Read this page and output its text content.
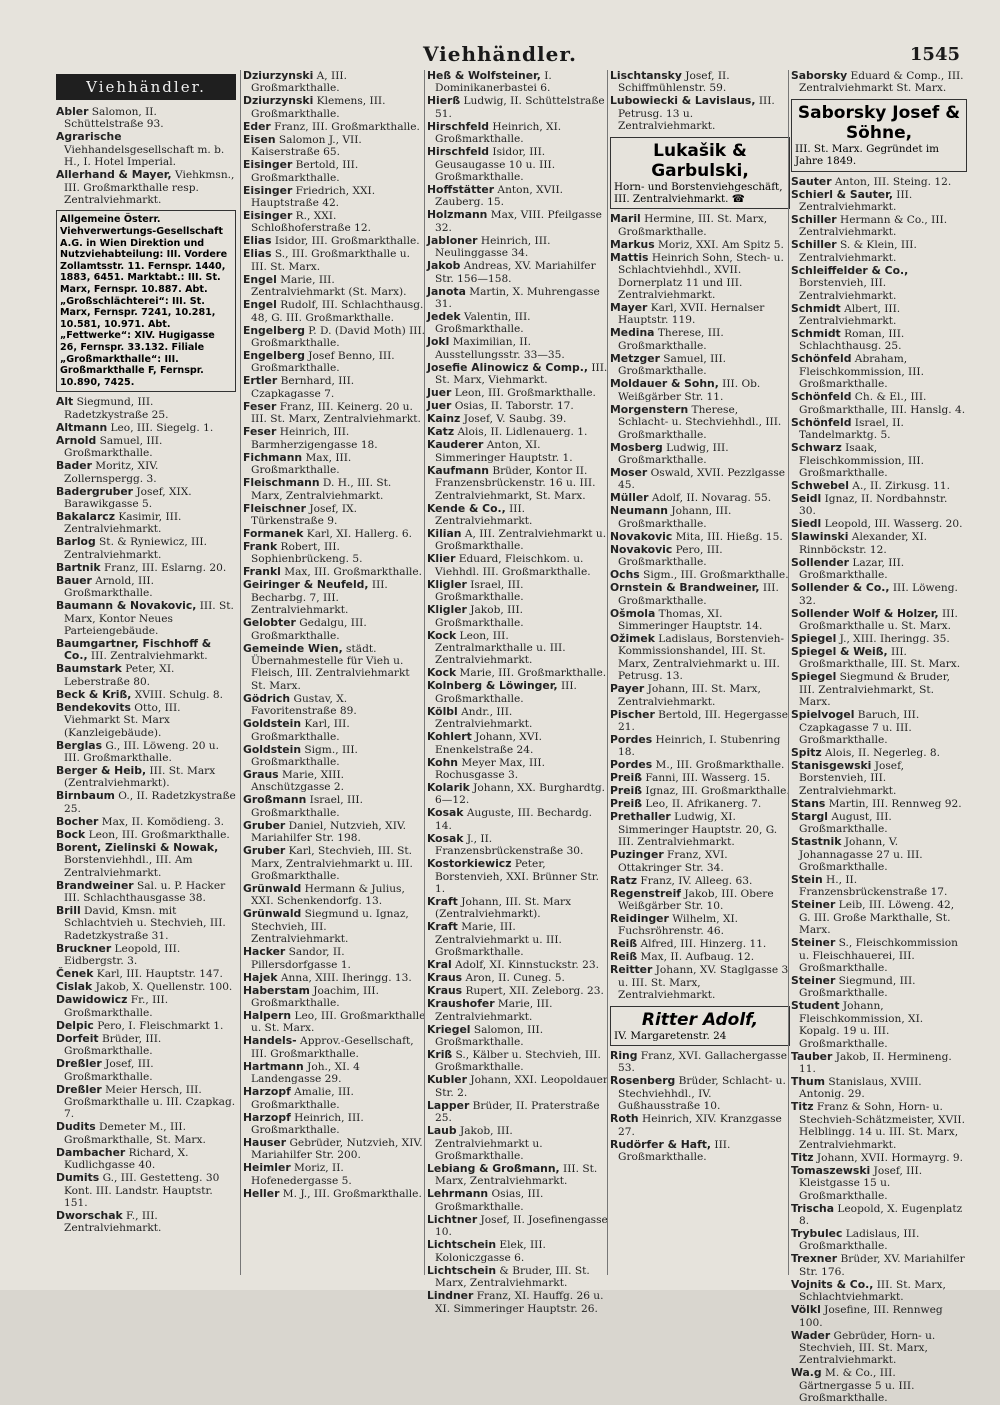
Viehhändler.	1545
Viehhändler.
Abler Salomon, II. Schüttelstraße 93.
Agrarische Viehhandelsgesellschaft m. b. H., I. Hotel Imperial.
Allerhand & Mayer, Viehkmsn., III. Großmarkthalle resp. Zentralviehmarkt.
Allgemeine Österr. Viehverwertungs-Gesellschaft A.G. in Wien Direktion und Nutzviehabteilung: III. Vordere Zollamtsstr. 11. Fernspr. 1440, 1883, 6451. Marktabt.: III. St. Marx, Fernspr. 10.887. Abt. „Großschlächterei“: III. St. Marx, Fernspr. 7241, 10.281, 10.581, 10.971. Abt. „Fettwerke“: XIV. Hugigasse 26, Fernspr. 33.132. Filiale „Großmarkthalle“: III. Großmarkthalle F, Fernspr. 10.890, 7425.
Alt Siegmund, III. Radetzkystraße 25.
Altmann Leo, III. Siegelg. 1.
Arnold Samuel, III. Großmarkthalle.
Bader Moritz, XIV. Zollernspergg. 3.
Badergruber Josef, XIX. Barawikgasse 5.
Bakalarcz Kasimir, III. Zentralviehmarkt.
Barlog St. & Ryniewicz, III. Zentralviehmarkt.
Bartnik Franz, III. Eslarng. 20.
Bauer Arnold, III. Großmarkthalle.
Baumann & Novakovic, III. St. Marx, Kontor Neues Parteiengebäude.
Baumgartner, Fischhoff & Co., III. Zentralviehmarkt.
Baumstark Peter, XI. Leberstraße 80.
Beck & Kriß, XVIII. Schulg. 8.
Bendekovits Otto, III. Viehmarkt St. Marx (Kanzleigebäude).
Berglas G., III. Löweng. 20 u. III. Großmarkthalle.
Berger & Heib, III. St. Marx (Zentralviehmarkt).
Birnbaum O., II. Radetzkystraße 25.
Bocher Max, II. Komödieng. 3.
Bock Leon, III. Großmarkthalle.
Borent, Zielinski & Nowak, Borstenviehhdl., III. Am Zentralviehmarkt.
Brandweiner Sal. u. P. Hacker III. Schlachthausgasse 38.
Brill David, Kmsn. mit Schlachtvieh u. Stechvieh, III. Radetzkystraße 31.
Bruckner Leopold, III. Eidbergstr. 3.
Čenek Karl, III. Hauptstr. 147.
Cislak Jakob, X. Quellenstr. 100.
Dawidowicz Fr., III. Großmarkthalle.
Delpic Pero, I. Fleischmarkt 1.
Dorfeit Brüder, III. Großmarkthalle.
Dreßler Josef, III. Großmarkthalle.
Dreßler Meier Hersch, III. Großmarkthalle u. III. Czapkag. 7.
Dudits Demeter M., III. Großmarkthalle, St. Marx.
Dambacher Richard, X. Kudlichgasse 40.
Dumits G., III. Gestetteng. 30 Kont. III. Landstr. Hauptstr. 151.
Dworschak F., III. Zentralviehmarkt.
Dziurzynski A, III. Großmarkthalle.
Dziurzynski Klemens, III. Großmarkthalle.
Eder Franz, III. Großmarkthalle.
Eisen Salomon J., VII. Kaiserstraße 65.
Eisinger Bertold, III. Großmarkthalle.
Eisinger Friedrich, XXI. Hauptstraße 42.
Eisinger R., XXI. Schloßhoferstraße 12.
Elias Isidor, III. Großmarkthalle.
Elias S., III. Großmarkthalle u. III. St. Marx.
Engel Marie, III. Zentralviehmarkt (St. Marx).
Engel Rudolf, III. Schlachthausg. 48, G. III. Großmarkthalle.
Engelberg P. D. (David Moth) III. Großmarkthalle.
Engelberg Josef Benno, III. Großmarkthalle.
Ertler Bernhard, III. Czapkagasse 7.
Feser Franz, III. Keinerg. 20 u. III. St. Marx, Zentralviehmarkt.
Feser Heinrich, III. Barmherzigengasse 18.
Fichmann Max, III. Großmarkthalle.
Fleischmann D. H., III. St. Marx, Zentralviehmarkt.
Fleischner Josef, IX. Türkenstraße 9.
Formanek Karl, XI. Hallerg. 6.
Frank Robert, III. Sophienbrückeng. 5.
Frankl Max, III. Großmarkthalle.
Geiringer & Neufeld, III. Becharbg. 7, III. Zentralviehmarkt.
Gelobter Gedalgu, III. Großmarkthalle.
Gemeinde Wien, städt. Übernahmestelle für Vieh u. Fleisch, III. Zentralviehmarkt St. Marx.
Gödrich Gustav, X. Favoritenstraße 89.
Goldstein Karl, III. Großmarkthalle.
Goldstein Sigm., III. Großmarkthalle.
Graus Marie, XIII. Anschützgasse 2.
Großmann Israel, III. Großmarkthalle.
Gruber Daniel, Nutzvieh, XIV. Mariahilfer Str. 198.
Gruber Karl, Stechvieh, III. St. Marx, Zentralviehmarkt u. III. Großmarkthalle.
Grünwald Hermann & Julius, XXI. Schenkendorfg. 13.
Grünwald Siegmund u. Ignaz, Stechvieh, III. Zentralviehmarkt.
Hacker Sandor, II. Pillersdorfgasse 1.
Hajek Anna, XIII. Iheringg. 13.
Haberstam Joachim, III. Großmarkthalle.
Halpern Leo, III. Großmarkthalle u. St. Marx.
Handels- Approv.-Gesellschaft, III. Großmarkthalle.
Hartmann Joh., XI. 4 Landengasse 29.
Harzopf Amalie, III. Großmarkthalle.
Harzopf Heinrich, III. Großmarkthalle.
Hauser Gebrüder, Nutzvieh, XIV. Mariahilfer Str. 200.
Heimler Moriz, II. Hofenedergasse 5.
Heller M. J., III. Großmarkthalle.
Heß & Wolfsteiner, I. Dominikanerbastei 6.
Hierß Ludwig, II. Schüttelstraße 51.
Hirschfeld Heinrich, XI. Großmarkthalle.
Hirschfeld Isidor, III. Geusaugasse 10 u. III. Großmarkthalle.
Hoffstätter Anton, XVII. Zauberg. 15.
Holzmann Max, VIII. Pfeilgasse 32.
Jabloner Heinrich, III. Neulinggasse 34.
Jakob Andreas, XV. Mariahilfer Str. 156—158.
Janota Martin, X. Muhrengasse 31.
Jedek Valentin, III. Großmarkthalle.
Jokl Maximilian, II. Ausstellungsstr. 33—35.
Josefie Alinowicz & Comp., III. St. Marx, Viehmarkt.
Juer Leon, III. Großmarkthalle.
Juer Osias, II. Taborstr. 17.
Kainz Josef, V. Saubg. 39.
Katz Alois, II. Lidlenauerg. 1.
Kauderer Anton, XI. Simmeringer Hauptstr. 1.
Kaufmann Brüder, Kontor II. Franzensbrückenstr. 16 u. III. Zentralviehmarkt, St. Marx.
Kende & Co., III. Zentralviehmarkt.
Kilian A, III. Zentralviehmarkt u. Großmarkthalle.
Klier Eduard, Fleischkom. u. Viehhdl. III. Großmarkthalle.
Kligler Israel, III. Großmarkthalle.
Kligler Jakob, III. Großmarkthalle.
Kock Leon, III. Zentralmarkthalle u. III. Zentralviehmarkt.
Kock Marie, III. Großmarkthalle.
Kolnberg & Löwinger, III. Großmarkthalle.
Kölbl Andr., III. Zentralviehmarkt.
Kohlert Johann, XVI. Enenkelstraße 24.
Kohn Meyer Max, III. Rochusgasse 3.
Kolarik Johann, XX. Burghardtg. 6—12.
Kosak Auguste, III. Bechardg. 14.
Kosak J., II. Franzensbrückenstraße 30.
Kostorkiewicz Peter, Borstenvieh, XXI. Brünner Str. 1.
Kraft Johann, III. St. Marx (Zentralviehmarkt).
Kraft Marie, III. Zentralviehmarkt u. III. Großmarkthalle.
Kral Adolf, XI. Kinnstuckstr. 23.
Kraus Aron, II. Cuneg. 5.
Kraus Rupert, XII. Zeleborg. 23.
Kraushofer Marie, III. Zentralviehmarkt.
Kriegel Salomon, III. Großmarkthalle.
Kriß S., Kälber u. Stechvieh, III. Großmarkthalle.
Kubler Johann, XXI. Leopoldauer Str. 2.
Lapper Brüder, II. Praterstraße 25.
Laub Jakob, III. Zentralviehmarkt u. Großmarkthalle.
Lebiang & Großmann, III. St. Marx, Zentralviehmarkt.
Lehrmann Osias, III. Großmarkthalle.
Lichtner Josef, II. Josefinengasse 10.
Lichtschein Elek, III. Koloniczgasse 6.
Lichtschein & Bruder, III. St. Marx, Zentralviehmarkt.
Lindner Franz, XI. Hauffg. 26 u. XI. Simmeringer Hauptstr. 26.
Lischtansky Josef, II. Schiffmühlenstr. 59.
Lubowiecki & Lavislaus, III. Petrusg. 13 u. Zentralviehmarkt.
Lukašik & Garbulski,
Horn- und Borstenviehgeschäft, III. Zentralviehmarkt. ☎
Maril Hermine, III. St. Marx, Großmarkthalle.
Markus Moriz, XXI. Am Spitz 5.
Mattis Heinrich Sohn, Stech- u. Schlachtviehhdl., XVII. Dornerplatz 11 und III. Zentralviehmarkt.
Mayer Karl, XVII. Hernalser Hauptstr. 119.
Medina Therese, III. Großmarkthalle.
Metzger Samuel, III. Großmarkthalle.
Moldauer & Sohn, III. Ob. Weißgärber Str. 11.
Morgenstern Therese, Schlacht- u. Stechviehhdl., III. Großmarkthalle.
Mosberg Ludwig, III. Großmarkthalle.
Moser Oswald, XVII. Pezzlgasse 45.
Müller Adolf, II. Novarag. 55.
Neumann Johann, III. Großmarkthalle.
Novakovic Mita, III. Hießg. 15.
Novakovic Pero, III. Großmarkthalle.
Ochs Sigm., III. Großmarkthalle.
Ornstein & Brandweiner, III. Großmarkthalle.
Ošmola Thomas, XI. Simmeringer Hauptstr. 14.
Ožimek Ladislaus, Borstenvieh-Kommissionshandel, III. St. Marx, Zentralviehmarkt u. III. Petrusg. 13.
Payer Johann, III. St. Marx, Zentralviehmarkt.
Pischer Bertold, III. Hegergasse 21.
Pordes Heinrich, I. Stubenring 18.
Pordes M., III. Großmarkthalle.
Preiß Fanni, III. Wasserg. 15.
Preiß Ignaz, III. Großmarkthalle.
Preiß Leo, II. Afrikanerg. 7.
Prethaller Ludwig, XI. Simmeringer Hauptstr. 20, G. III. Zentralviehmarkt.
Puzinger Franz, XVI. Ottakringer Str. 34.
Ratz Franz, IV. Alleeg. 63.
Regenstreif Jakob, III. Obere Weißgärber Str. 10.
Reidinger Wilhelm, XI. Fuchsröhrenstr. 46.
Reiß Alfred, III. Hinzerg. 11.
Reiß Max, II. Aufbaug. 12.
Reitter Johann, XV. Staglgasse 3 u. III. St. Marx, Zentralviehmarkt.
Ritter Adolf,
IV. Margaretenstr. 24
Ring Franz, XVI. Gallachergasse 53.
Rosenberg Brüder, Schlacht- u. Stechviehhdl., IV. Gußhausstraße 10.
Roth Heinrich, XIV. Kranzgasse 27.
Rudörfer & Haft, III. Großmarkthalle.
Saborsky Eduard & Comp., III. Zentralviehmarkt St. Marx.
Saborsky Josef & Söhne,
III. St. Marx. Gegründet im Jahre 1849.
Sauter Anton, III. Steing. 12.
Schierl & Sauter, III. Zentralviehmarkt.
Schiller Hermann & Co., III. Zentralviehmarkt.
Schiller S. & Klein, III. Zentralviehmarkt.
Schleiffelder & Co., Borstenvieh, III. Zentralviehmarkt.
Schmidt Albert, III. Zentralviehmarkt.
Schmidt Roman, III. Schlachthausg. 25.
Schönfeld Abraham, Fleischkommission, III. Großmarkthalle.
Schönfeld Ch. & El., III. Großmarkthalle, III. Hanslg. 4.
Schönfeld Israel, II. Tandelmarktg. 5.
Schwarz Isaak, Fleischkommission, III. Großmarkthalle.
Schwebel A., II. Zirkusg. 11.
Seidl Ignaz, II. Nordbahnstr. 30.
Siedl Leopold, III. Wasserg. 20.
Slawinski Alexander, XI. Rinnböckstr. 12.
Sollender Lazar, III. Großmarkthalle.
Sollender & Co., III. Löweng. 32.
Sollender Wolf & Holzer, III. Großmarkthalle u. St. Marx.
Spiegel J., XIII. Iheringg. 35.
Spiegel & Weiß, III. Großmarkthalle, III. St. Marx.
Spiegel Siegmund & Bruder, III. Zentralviehmarkt, St. Marx.
Spielvogel Baruch, III. Czapkagasse 7 u. III. Großmarkthalle.
Spitz Alois, II. Negerleg. 8.
Stanisgewski Josef, Borstenvieh, III. Zentralviehmarkt.
Stans Martin, III. Rennweg 92.
Stargl August, III. Großmarkthalle.
Stastnik Johann, V. Johannagasse 27 u. III. Großmarkthalle.
Stein H., II. Franzensbrückenstraße 17.
Steiner Leib, III. Löweng. 42, G. III. Große Markthalle, St. Marx.
Steiner S., Fleischkommission u. Fleischhauerei, III. Großmarkthalle.
Steiner Siegmund, III. Großmarkthalle.
Student Johann, Fleischkommission, XI. Kopalg. 19 u. III. Großmarkthalle.
Tauber Jakob, II. Hermineng. 11.
Thum Stanislaus, XVIII. Antonig. 29.
Titz Franz & Sohn, Horn- u. Stechvieh-Schätzmeister, XVII. Helblingg. 14 u. III. St. Marx, Zentralviehmarkt.
Titz Johann, XVII. Hormayrg. 9.
Tomaszewski Josef, III. Kleistgasse 15 u. Großmarkthalle.
Trischa Leopold, X. Eugenplatz 8.
Trybulec Ladislaus, III. Großmarkthalle.
Trexner Brüder, XV. Mariahilfer Str. 176.
Vojnits & Co., III. St. Marx, Schlachtviehmarkt.
Völkl Josefine, III. Rennweg 100.
Wader Gebrüder, Horn- u. Stechvieh, III. St. Marx, Zentralviehmarkt.
Wa.g M. & Co., III. Gärtnergasse 5 u. III. Großmarkthalle.
